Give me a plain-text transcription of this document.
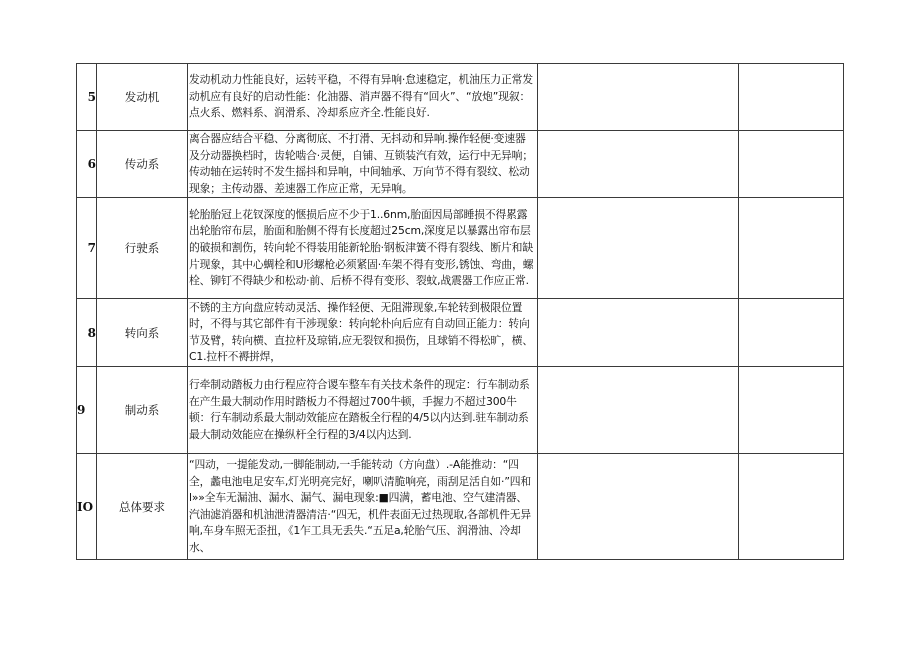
5	发动机	发动机动力性能良好，运转平稳，不得有异响·怠速稳定，机油压力正常发动机应有良好的启动性能：化油器、消声器不得有“回火”、“放炮”现叙：点火系、燃料系、润滑系、冷却系应齐全.性能良好.		

6	传动系	离合器应结合平稳、分离彻底、不打滑、无抖动和异响.操作轻便·变速器及分动器换档时，齿轮啮合·灵便，自铺、互锁装汽有效，运行中无异响；传动轴在运转时不发生摇抖和异响，中间轴承、万向节不得有裂纹、松动现象；主传动器、差速器工作应正常，无异响。		

7	行驶系	轮胎胎冠上花钗深度的惬损后应不少于1..6nm,胎面因局部睡损不得累露出轮胎帘布层，胎面和胎侧不得有长度超过25cm,深度足以暴露出帘布层的破损和割伤，转向轮不得装用能新轮胎·钢板津簧不得有裂线、断片和缺片现象，其中心蜩栓和U形螺枪必须紧固·车架不得有变形,锈蚀、弯曲，螺栓、铆钉不得缺少和松动·前、后桥不得有变形、裂蚊,战震器工作应正常.		

8	转向系	不锈的主方向盘应转动灵活、操作轻便、无阻滞现象,车轮转到极限位置时，不得与其它部件有干涉现象：转向轮朴向后应有自动回正能力：转向节及臂，转向横、直拉杆及琼销,应无裂钗和损伤，且球销不得松旷，横、C1.拉杆不褥拼焊，		

9	制动系	行牵制动踏板力由行程应符合谡车整车有关技术条件的现定：行车制动系在产生最大制动作用时踏板力不得超过700牛顿，手握力不超过300牛顿：行车制动系最大制动效能应在踏板全行程的4/5以内达到.驻车制动系最大制动效能应在操纵杆全行程的3/4以内达到.		

IO	总体要求	“四动，一提能发动,一脚能制动,一手能转动（方向盘）.-A能推动：“四全，蠡电池电足安车,灯光明亮完好，喇叭清脆响亮，雨刮足活自如·”四和l»»全车无漏油、漏水、漏气、漏电现象:■四满，蓄电池、空气建清器、汽油滤消器和机油泄清器清洁·“四无，机件表面无过热现取,各部机件无异响,车身车照无歪扭，《1乍工具无丢失.“五足a,轮胎气压、润滑油、冷却水、		
